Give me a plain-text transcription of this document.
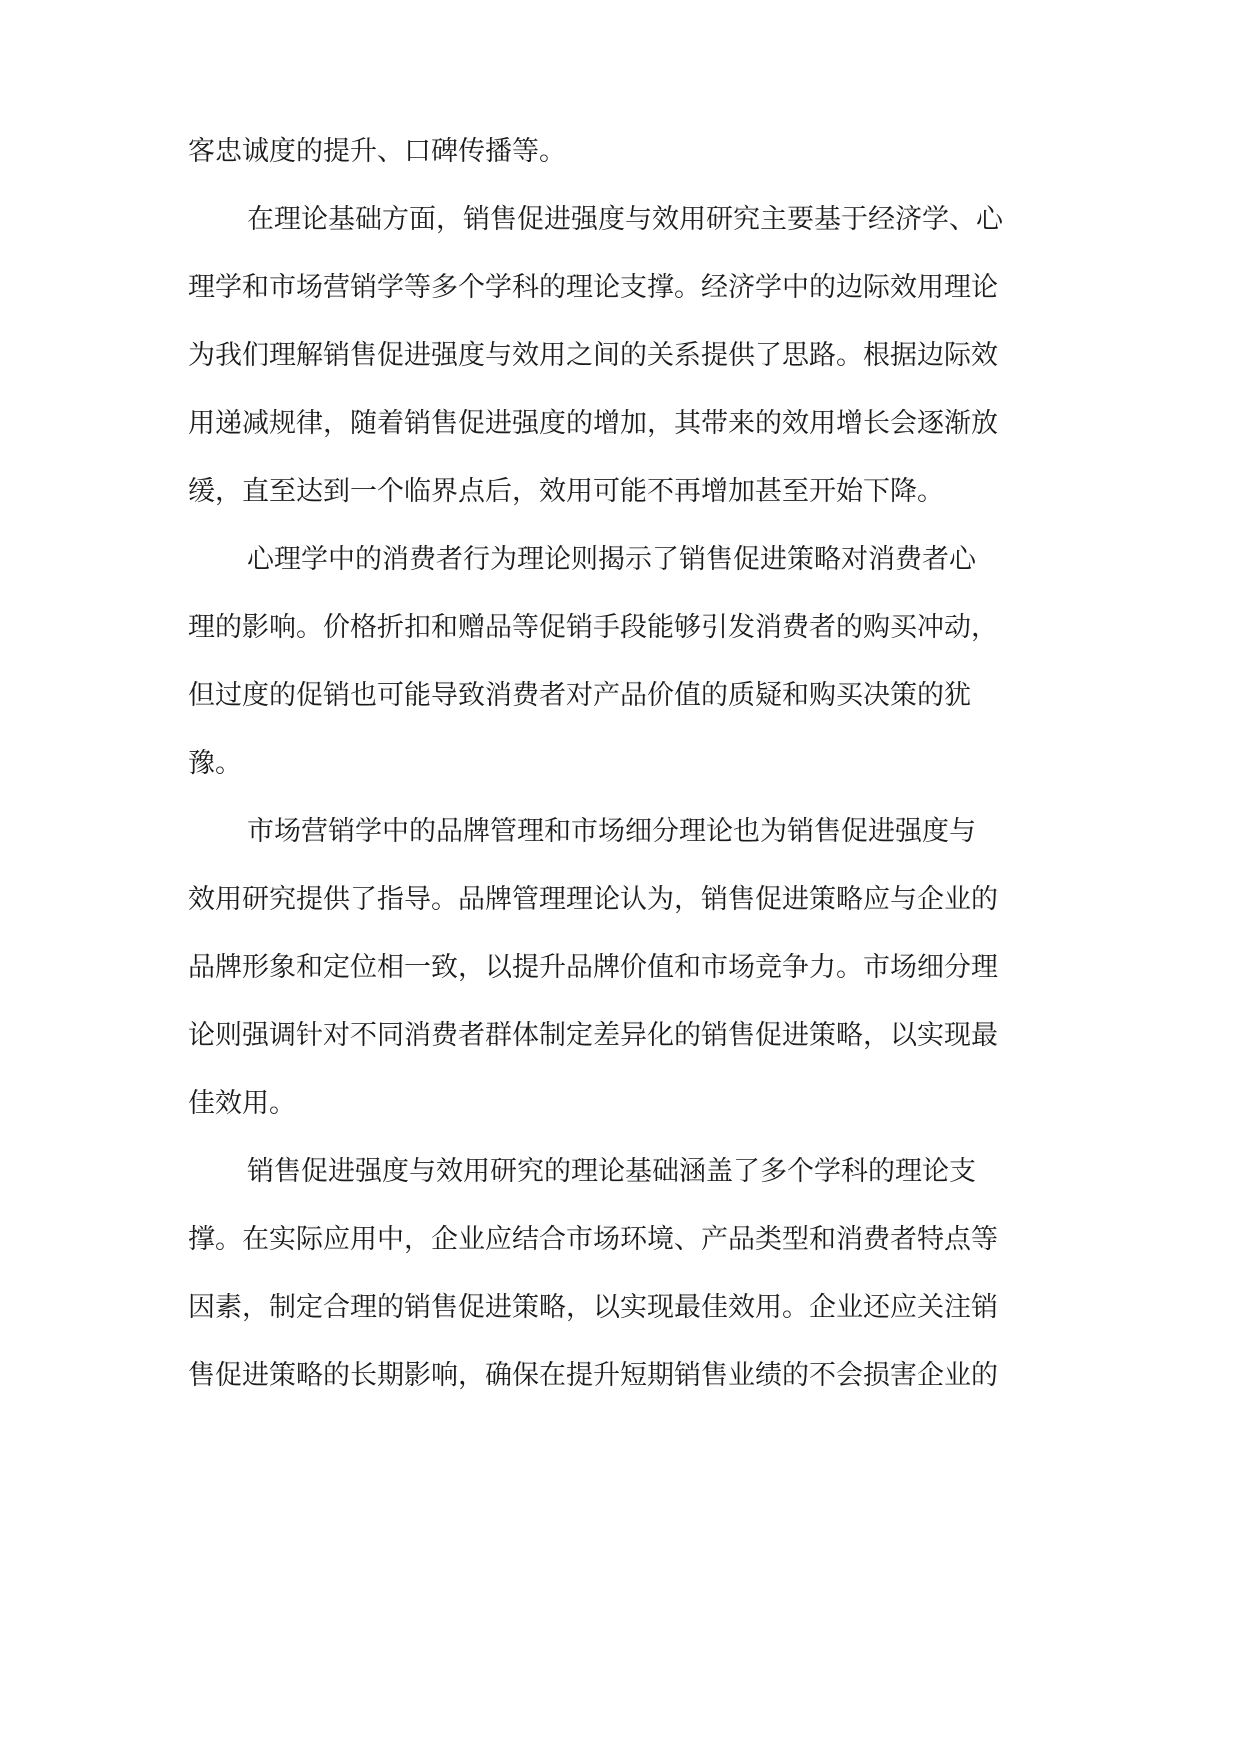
客忠诚度的提升、口碑传播等。
在理论基础方面，销售促进强度与效用研究主要基于经济学、心
理学和市场营销学等多个学科的理论支撑。经济学中的边际效用理论
为我们理解销售促进强度与效用之间的关系提供了思路。根据边际效
用递减规律，随着销售促进强度的增加，其带来的效用增长会逐渐放
缓，直至达到一个临界点后，效用可能不再增加甚至开始下降。
心理学中的消费者行为理论则揭示了销售促进策略对消费者心
理的影响。价格折扣和赠品等促销手段能够引发消费者的购买冲动，
但过度的促销也可能导致消费者对产品价值的质疑和购买决策的犹
豫。
市场营销学中的品牌管理和市场细分理论也为销售促进强度与
效用研究提供了指导。品牌管理理论认为，销售促进策略应与企业的
品牌形象和定位相一致，以提升品牌价值和市场竞争力。市场细分理
论则强调针对不同消费者群体制定差异化的销售促进策略，以实现最
佳效用。
销售促进强度与效用研究的理论基础涵盖了多个学科的理论支
撑。在实际应用中，企业应结合市场环境、产品类型和消费者特点等
因素，制定合理的销售促进策略，以实现最佳效用。企业还应关注销
售促进策略的长期影响，确保在提升短期销售业绩的不会损害企业的
